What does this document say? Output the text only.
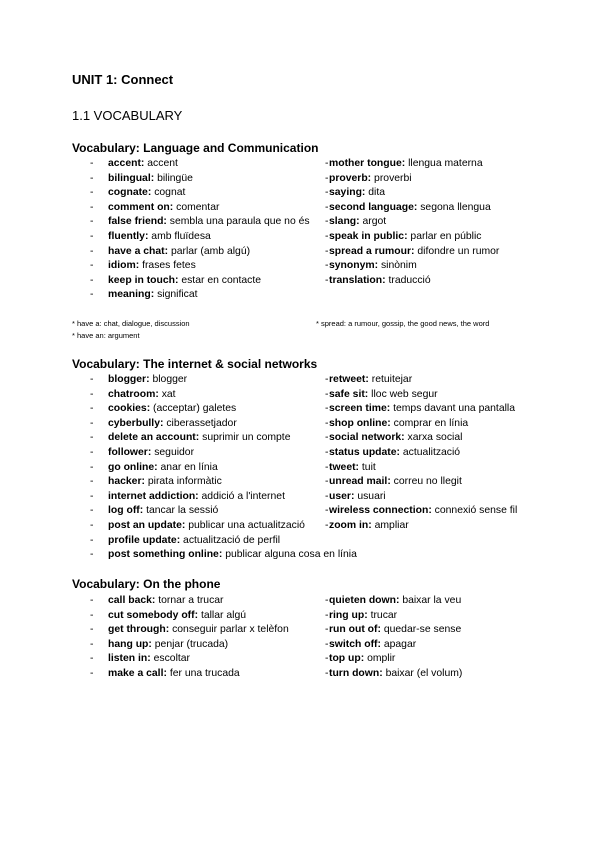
UNIT 1: Connect
1.1 VOCABULARY
Vocabulary: Language and Communication
- accent: accent
- bilingual: bilingüe
- cognate: cognat
- comment on: comentar
- false friend: sembla una paraula que no és
- fluently: amb fluïdesa
- have a chat: parlar (amb algú)
- idiom: frases fetes
- keep in touch: estar en contacte
- meaning: significat
- mother tongue: llengua materna
- proverb: proverbi
- saying: dita
- second language: segona llengua
- slang: argot
- speak in public: parlar en públic
- spread a rumour: difondre un rumor
- synonym: sinònim
- translation: traducció
* have a: chat, dialogue, discussion
* have an: argument
* spread: a rumour, gossip, the good news, the word
Vocabulary: The internet & social networks
- blogger: blogger
- chatroom: xat
- cookies: (acceptar) galetes
- cyberbully: ciberassetjador
- delete an account: suprimir un compte
- follower: seguidor
- go online: anar en línia
- hacker: pirata informàtic
- internet addiction: addició a l'internet
- log off: tancar la sessió
- post an update: publicar una actualització
- profile update: actualització de perfil
- post something online: publicar alguna cosa en línia
- retweet: retuitejar
- safe sit: lloc web segur
- screen time: temps davant una pantalla
- shop online: comprar en línia
- social network: xarxa social
- status update: actualització
- tweet: tuit
- unread mail: correu no llegit
- user: usuari
- wireless connection: connexió sense fil
- zoom in: ampliar
Vocabulary: On the phone
- call back: tornar a trucar
- cut somebody off: tallar algú
- get through: conseguir parlar x telèfon
- hang up: penjar (trucada)
- listen in: escoltar
- make a call: fer una trucada
- quieten down: baixar la veu
- ring up: trucar
- run out of: quedar-se sense
- switch off: apagar
- top up: omplir
- turn down: baixar (el volum)
